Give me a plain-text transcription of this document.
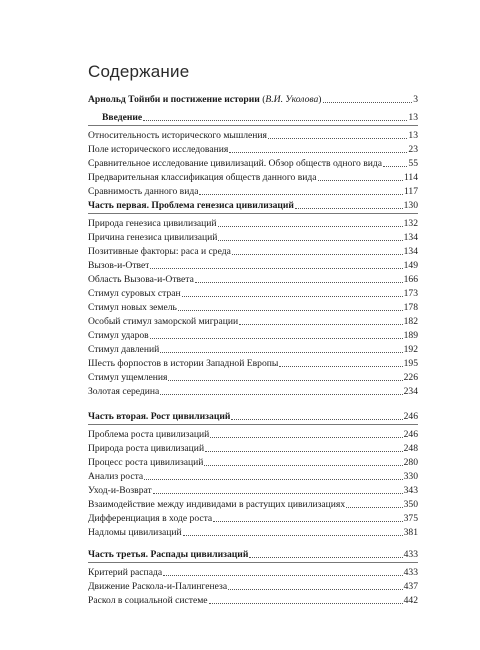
Содержание
Арнольд Тойнби и постижение истории (В.И. Уколова)	3
Введение	13
Относительность исторического мышления	13
Поле исторического исследования	23
Сравнительное исследование цивилизаций. Обзор обществ одного вида	55
Предварительная классификация обществ данного вида	114
Сравнимость данного вида	117
Часть первая. Проблема генезиса цивилизаций	130
Природа генезиса цивилизаций	132
Причина генезиса цивилизаций	134
Позитивные факторы: раса и среда	134
Вызов-и-Ответ	149
Область Вызова-и-Ответа	166
Стимул суровых стран	173
Стимул новых земель	178
Особый стимул заморской миграции	182
Стимул ударов	189
Стимул давлений	192
Шесть форпостов в истории Западной Европы	195
Стимул ущемления	226
Золотая середина	234
Часть вторая. Рост цивилизаций	246
Проблема роста цивилизаций	246
Природа роста цивилизаций	248
Процесс роста цивилизаций	280
Анализ роста	330
Уход-и-Возврат	343
Взаимодействие между индивидами в растущих цивилизациях	350
Дифференциация в ходе роста	375
Надломы цивилизаций	381
Часть третья. Распады цивилизаций	433
Критерий распада	433
Движение Раскола-и-Палингенеза	437
Раскол в социальной системе	442
